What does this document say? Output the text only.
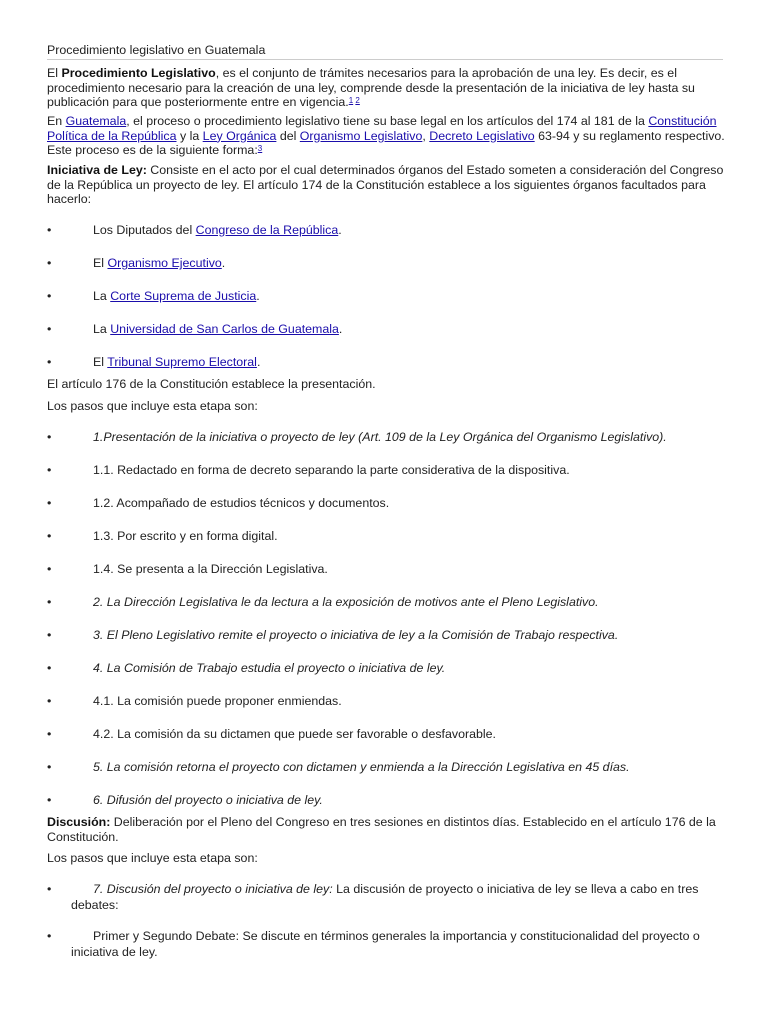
Procedimiento legislativo en Guatemala
El Procedimiento Legislativo, es el conjunto de trámites necesarios para la aprobación de una ley. Es decir, es el procedimiento necesario para la creación de una ley, comprende desde la presentación de la iniciativa de ley hasta su publicación para que posteriormente entre en vigencia.$^{1 2}$
En Guatemala, el proceso o procedimiento legislativo tiene su base legal en los artículos del 174 al 181 de la Constitución Política de la República y la Ley Orgánica del Organismo Legislativo, Decreto Legislativo 63-94 y su reglamento respectivo. Este proceso es de la siguiente forma:$^3$
Iniciativa de Ley: Consiste en el acto por el cual determinados órganos del Estado someten a consideración del Congreso de la República un proyecto de ley. El artículo 174 de la Constitución establece a los siguientes órganos facultados para hacerlo:
•	Los Diputados del Congreso de la República.
•	El Organismo Ejecutivo.
•	La Corte Suprema de Justicia.
•	La Universidad de San Carlos de Guatemala.
•	El Tribunal Supremo Electoral.
El artículo 176 de la Constitución establece la presentación.
Los pasos que incluye esta etapa son:
•	1.Presentación de la iniciativa o proyecto de ley (Art. 109 de la Ley Orgánica del Organismo Legislativo).
•	1.1. Redactado en forma de decreto separando la parte considerativa de la dispositiva.
•	1.2. Acompañado de estudios técnicos y documentos.
•	1.3. Por escrito y en forma digital.
•	1.4. Se presenta a la Dirección Legislativa.
•	2. La Dirección Legislativa le da lectura a la exposición de motivos ante el Pleno Legislativo.
•	3. El Pleno Legislativo remite el proyecto o iniciativa de ley a la Comisión de Trabajo respectiva.
•	4. La Comisión de Trabajo estudia el proyecto o iniciativa de ley.
•	4.1. La comisión puede proponer enmiendas.
•	4.2. La comisión da su dictamen que puede ser favorable o desfavorable.
•	5. La comisión retorna el proyecto con dictamen y enmienda a la Dirección Legislativa en 45 días.
•	6. Difusión del proyecto o iniciativa de ley.
Discusión: Deliberación por el Pleno del Congreso en tres sesiones en distintos días. Establecido en el artículo 176 de la Constitución.
Los pasos que incluye esta etapa son:
•	7. Discusión del proyecto o iniciativa de ley: La discusión de proyecto o iniciativa de ley se lleva a cabo en tres debates:
•	Primer y Segundo Debate: Se discute en términos generales la importancia y constitucionalidad del proyecto o iniciativa de ley.
